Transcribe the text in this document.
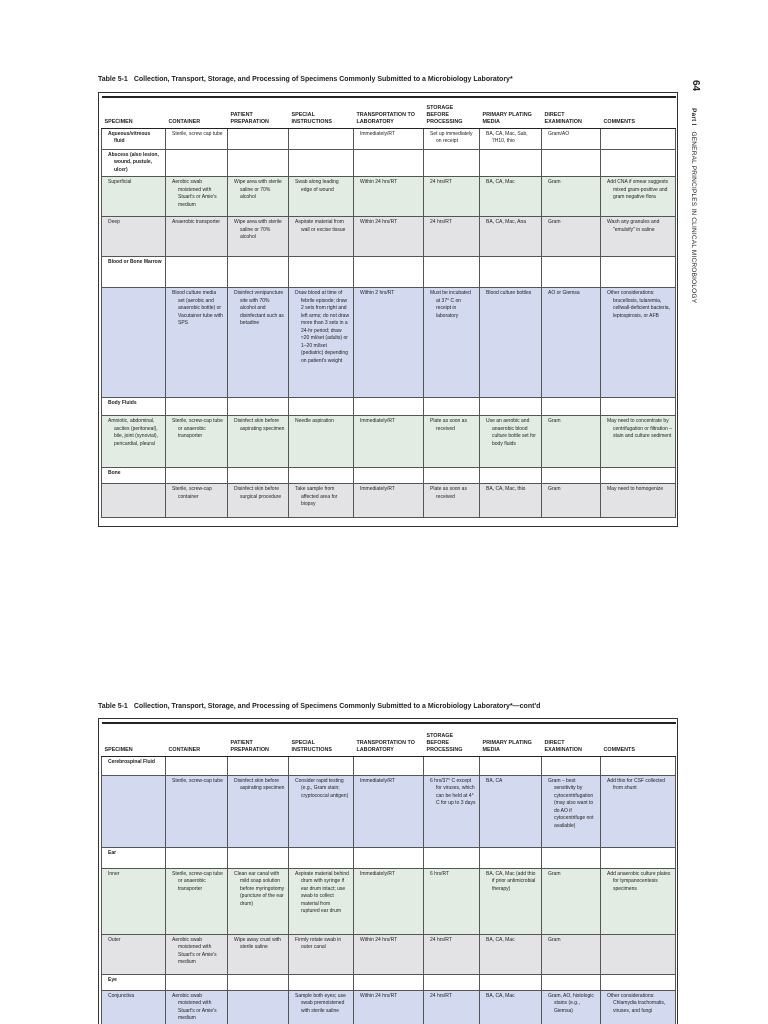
64
Part I GENERAL PRINCIPLES IN CLINICAL MICROBIOLOGY
Table 5-1 Collection, Transport, Storage, and Processing of Specimens Commonly Submitted to a Microbiology Laboratory*
SPECIMEN	CONTAINER	PATIENT PREPARATION	SPECIAL INSTRUCTIONS	TRANSPORTATION TO LABORATORY	STORAGE BEFORE PROCESSING	PRIMARY PLATING MEDIA	DIRECT EXAMINATION	COMMENTS

Aqueous/vitreous fluid	Sterile, screw cap tube			Immediately/RT	Set up immediately on receipt	BA, CA, Mac, Sab, 7H10, thio	Gram/AO	

Abscess (also lesion, wound, pustule, ulcer)								

Superficial	Aerobic swab moistened with Stuart's or Amie's medium	Wipe area with sterile saline or 70% alcohol	Swab along leading edge of wound	Within 24 hrs/RT	24 hrs/RT	BA, CA, Mac	Gram	Add CNA if smear suggests mixed gram-positive and gram negative flora

Deep	Anaerobic transporter	Wipe area with sterile saline or 70% alcohol	Aspirate material from wall or excise tissue	Within 24 hrs/RT	24 hrs/RT	BA, CA, Mac, Ana	Gram	Wash any granules and "emulsify" in saline

Blood or Bone Marrow								

	Blood culture media set (aerobic and anaerobic bottle) or Vacutainer tube with SPS	Disinfect venipuncture site with 70% alcohol and disinfectant such as betadine	Draw blood at time of febrile episode; draw 2 sets from right and left arms; do not draw more than 3 sets in a 24-hr period; draw ≈20 ml/set (adults) or 1–20 ml/set (pediatric) depending on patient's weight	Within 2 hrs/RT	Must be incubated at 37° C on receipt in laboratory	Blood culture bottles	AO or Giemsa	Other considerations: brucellosis, tularemia, cellwall-deficient bacteria, leptospirosis, or AFB

Body Fluids								

Amniotic, abdominal, ascites (peritoneal), bile, joint (synovial), pericardial, pleural	Sterile, screw-cap tube or anaerobic transporter	Disinfect skin before aspirating specimen	Needle aspiration	Immediately/RT	Plate as soon as received	Use an aerobic and anaerobic blood culture bottle set for body fluids	Gram	May need to concentrate by centrifugation or filtration – stain and culture sediment

Bone								

	Sterile, screw-cap container	Disinfect skin before surgical procedure	Take sample from affected area for biopsy	Immediately/RT	Plate as soon as received	BA, CA, Mac, thio	Gram	May need to homogenize
Table 5-1 Collection, Transport, Storage, and Processing of Specimens Commonly Submitted to a Microbiology Laboratory*—cont'd
SPECIMEN	CONTAINER	PATIENT PREPARATION	SPECIAL INSTRUCTIONS	TRANSPORTATION TO LABORATORY	STORAGE BEFORE PROCESSING	PRIMARY PLATING MEDIA	DIRECT EXAMINATION	COMMENTS

Cerebrospinal Fluid								

	Sterile, screw-cap tube	Disinfect skin before aspirating specimen	Consider rapid testing (e.g., Gram stain; cryptococcal antigen)	Immediately/RT	6 hrs/37° C except for viruses, which can be held at 4° C for up to 3 days	BA, CA	Gram – best sensitivity by cytocentrifugation (may also want to do AO if cytocentrifuge not available)	Add thio for CSF collected from shunt

Ear								

Inner	Sterile, screw-cap tube or anaerobic transporter	Clean ear canal with mild soap solution before myringotomy (puncture of the ear drum)	Aspirate material behind drum with syringe if ear drum intact; use swab to collect material from ruptured ear drum	Immediately/RT	6 hrs/RT	BA, CA, Mac (add thio if prior antimicrobial therapy)	Gram	Add anaerobic culture plates for tympanocentesis specimens

Outer	Aerobic swab moistened with Stuart's or Amie's medium	Wipe away crust with sterile saline	Firmly rotate swab in outer canal	Within 24 hrs/RT	24 hrs/RT	BA, CA, Mac	Gram	

Eye								

Conjunctiva	Aerobic swab moistened with Stuart's or Amie's medium		Sample both eyes; use swab premoistened with sterile saline	Within 24 hrs/RT	24 hrs/RT	BA, CA, Mac	Gram, AO, histologic stains (e.g., Giemsa)	Other considerations: Chlamydia trachomatis, viruses, and fungi
